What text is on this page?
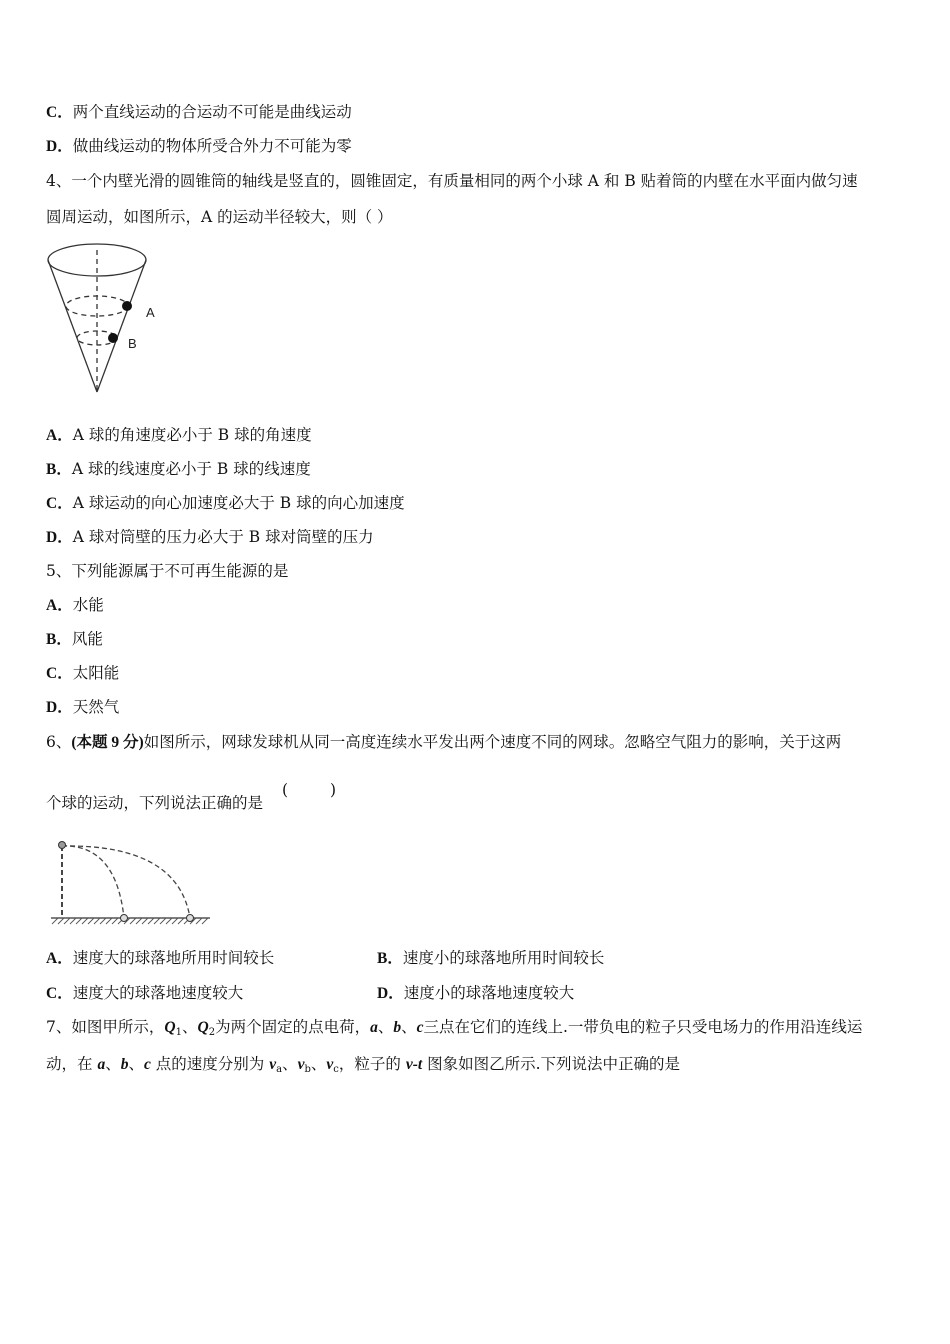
C．两个直线运动的合运动不可能是曲线运动
D．做曲线运动的物体所受合外力不可能为零
4、一个内壁光滑的圆锥筒的轴线是竖直的，圆锥固定，有质量相同的两个小球 A 和 B 贴着筒的内壁在水平面内做匀速
圆周运动，如图所示，A 的运动半径较大，则（ ）
A
B
A．A 球的角速度必小于 B 球的角速度
B．A 球的线速度必小于 B 球的线速度
C．A 球运动的向心加速度必大于 B 球的向心加速度
D．A 球对筒壁的压力必大于 B 球对筒壁的压力
5、下列能源属于不可再生能源的是
A．水能
B．风能
C．太阳能
D．天然气
6、(本题 9 分)如图所示，网球发球机从同一高度连续水平发出两个速度不同的网球。忽略空气阻力的影响，关于这两
个球的运动，下列说法正确的是
(	)
A．速度大的球落地所用时间较长	B．速度小的球落地所用时间较长
C．速度大的球落地速度较大	D．速度小的球落地速度较大
7、如图甲所示，$Q_1$、$Q_2$为两个固定的点电荷，a、b、c三点在它们的连线上.一带负电的粒子只受电场力的作用沿连线运
动，在 a、b、c 点的速度分别为 $v_a$、$v_b$、$v_c$，粒子的 v-t 图象如图乙所示.下列说法中正确的是
